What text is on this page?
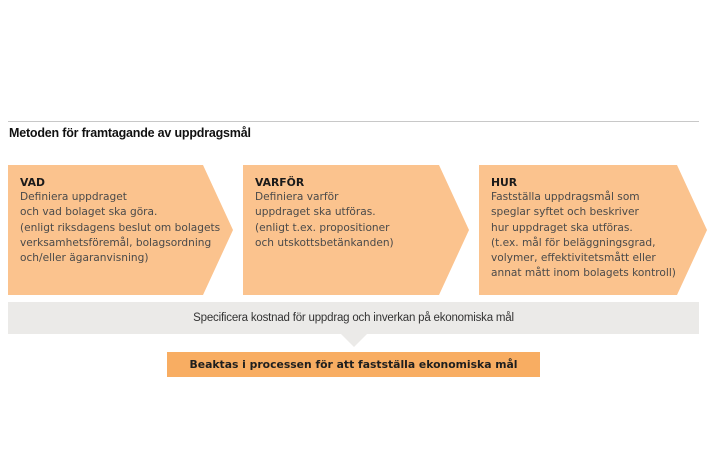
Metoden för framtagande av uppdragsmål
VAD
Definiera uppdraget
och vad bolaget ska göra.
(enligt riksdagens beslut om bolagets
verksamhetsföremål, bolagsordning
och/eller ägaranvisning)
VARFÖR
Definiera varför
uppdraget ska utföras.
(enligt t.ex. propositioner
och utskottsbetänkanden)
HUR
Fastställa uppdragsmål som
speglar syftet och beskriver
hur uppdraget ska utföras.
(t.ex. mål för beläggningsgrad,
volymer, effektivitetsmått eller
annat mått inom bolagets kontroll)
Specificera kostnad för uppdrag och inverkan på ekonomiska mål
Beaktas i processen för att fastställa ekonomiska mål
